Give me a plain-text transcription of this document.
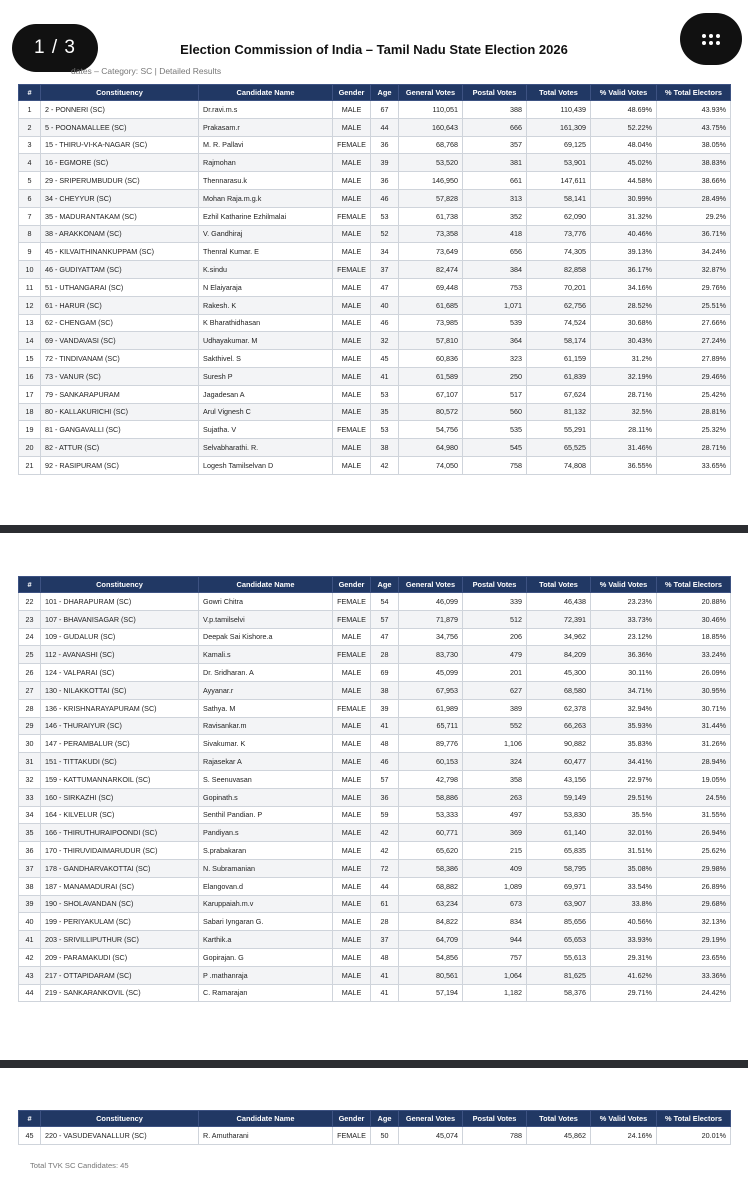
1 / 3	Election Commission of India – Tamil Nadu State Election 2026
dates – Category: SC | Detailed Results
#	Constituency	Candidate Name	Gender	Age	General Votes	Postal Votes	Total Votes	% Valid Votes	% Total Electors
1	2 - PONNERI (SC)	Dr.ravi.m.s	MALE	67	110,051	388	110,439	48.69%	43.93%
2	5 - POONAMALLEE (SC)	Prakasam.r	MALE	44	160,643	666	161,309	52.22%	43.75%
3	15 - THIRU-VI-KA-NAGAR (SC)	M. R. Pallavi	FEMALE	36	68,768	357	69,125	48.04%	38.05%
4	16 - EGMORE (SC)	Rajmohan	MALE	39	53,520	381	53,901	45.02%	38.83%
5	29 - SRIPERUMBUDUR (SC)	Thennarasu.k	MALE	36	146,950	661	147,611	44.58%	38.66%
6	34 - CHEYYUR (SC)	Mohan Raja.m.g.k	MALE	46	57,828	313	58,141	30.99%	28.49%
7	35 - MADURANTAKAM (SC)	Ezhil Katharine Ezhilmalai	FEMALE	53	61,738	352	62,090	31.32%	29.2%
8	38 - ARAKKONAM (SC)	V. Gandhiraj	MALE	52	73,358	418	73,776	40.46%	36.71%
9	45 - KILVAITHINANKUPPAM (SC)	Thenral Kumar. E	MALE	34	73,649	656	74,305	39.13%	34.24%
10	46 - GUDIYATTAM (SC)	K.sindu	FEMALE	37	82,474	384	82,858	36.17%	32.87%
11	51 - UTHANGARAI (SC)	N Elaiyaraja	MALE	47	69,448	753	70,201	34.16%	29.76%
12	61 - HARUR (SC)	Rakesh. K	MALE	40	61,685	1,071	62,756	28.52%	25.51%
13	62 - CHENGAM (SC)	K Bharathidhasan	MALE	46	73,985	539	74,524	30.68%	27.66%
14	69 - VANDAVASI (SC)	Udhayakumar. M	MALE	32	57,810	364	58,174	30.43%	27.24%
15	72 - TINDIVANAM (SC)	Sakthivel. S	MALE	45	60,836	323	61,159	31.2%	27.89%
16	73 - VANUR (SC)	Suresh P	MALE	41	61,589	250	61,839	32.19%	29.46%
17	79 - SANKARAPURAM	Jagadesan A	MALE	53	67,107	517	67,624	28.71%	25.42%
18	80 - KALLAKURICHI (SC)	Arul Vignesh C	MALE	35	80,572	560	81,132	32.5%	28.81%
19	81 - GANGAVALLI (SC)	Sujatha. V	FEMALE	53	54,756	535	55,291	28.11%	25.32%
20	82 - ATTUR (SC)	Selvabharathi. R.	MALE	38	64,980	545	65,525	31.46%	28.71%
21	92 - RASIPURAM (SC)	Logesh Tamilselvan D	MALE	42	74,050	758	74,808	36.55%	33.65%
#	Constituency	Candidate Name	Gender	Age	General Votes	Postal Votes	Total Votes	% Valid Votes	% Total Electors
22	101 - DHARAPURAM (SC)	Gowri Chitra	FEMALE	54	46,099	339	46,438	23.23%	20.88%
23	107 - BHAVANISAGAR (SC)	V.p.tamilselvi	FEMALE	57	71,879	512	72,391	33.73%	30.46%
24	109 - GUDALUR (SC)	Deepak Sai Kishore.a	MALE	47	34,756	206	34,962	23.12%	18.85%
25	112 - AVANASHI (SC)	Kamali.s	FEMALE	28	83,730	479	84,209	36.36%	33.24%
26	124 - VALPARAI (SC)	Dr. Sridharan. A	MALE	69	45,099	201	45,300	30.11%	26.09%
27	130 - NILAKKOTTAI (SC)	Ayyanar.r	MALE	38	67,953	627	68,580	34.71%	30.95%
28	136 - KRISHNARAYAPURAM (SC)	Sathya. M	FEMALE	39	61,989	389	62,378	32.94%	30.71%
29	146 - THURAIYUR (SC)	Ravisankar.m	MALE	41	65,711	552	66,263	35.93%	31.44%
30	147 - PERAMBALUR (SC)	Sivakumar. K	MALE	48	89,776	1,106	90,882	35.83%	31.26%
31	151 - TITTAKUDI (SC)	Rajasekar A	MALE	46	60,153	324	60,477	34.41%	28.94%
32	159 - KATTUMANNARKOIL (SC)	S. Seenuvasan	MALE	57	42,798	358	43,156	22.97%	19.05%
33	160 - SIRKAZHI (SC)	Gopinath.s	MALE	36	58,886	263	59,149	29.51%	24.5%
34	164 - KILVELUR (SC)	Senthil Pandian. P	MALE	59	53,333	497	53,830	35.5%	31.55%
35	166 - THIRUTHURAIPOONDI (SC)	Pandiyan.s	MALE	42	60,771	369	61,140	32.01%	26.94%
36	170 - THIRUVIDAIMARUDUR (SC)	S.prabakaran	MALE	42	65,620	215	65,835	31.51%	25.62%
37	178 - GANDHARVAKOTTAI (SC)	N. Subramanian	MALE	72	58,386	409	58,795	35.08%	29.98%
38	187 - MANAMADURAI (SC)	Elangovan.d	MALE	44	68,882	1,089	69,971	33.54%	26.89%
39	190 - SHOLAVANDAN (SC)	Karuppaiah.m.v	MALE	61	63,234	673	63,907	33.8%	29.68%
40	199 - PERIYAKULAM (SC)	Sabari Iyngaran G.	MALE	28	84,822	834	85,656	40.56%	32.13%
41	203 - SRIVILLIPUTHUR (SC)	Karthik.a	MALE	37	64,709	944	65,653	33.93%	29.19%
42	209 - PARAMAKUDI (SC)	Gopirajan. G	MALE	48	54,856	757	55,613	29.31%	23.65%
43	217 - OTTAPIDARAM (SC)	P .mathanraja	MALE	41	80,561	1,064	81,625	41.62%	33.36%
44	219 - SANKARANKOVIL (SC)	C. Ramarajan	MALE	41	57,194	1,182	58,376	29.71%	24.42%
#	Constituency	Candidate Name	Gender	Age	General Votes	Postal Votes	Total Votes	% Valid Votes	% Total Electors
45	220 - VASUDEVANALLUR (SC)	R. Amutharani	FEMALE	50	45,074	788	45,862	24.16%	20.01%
Total TVK SC Candidates: 45
